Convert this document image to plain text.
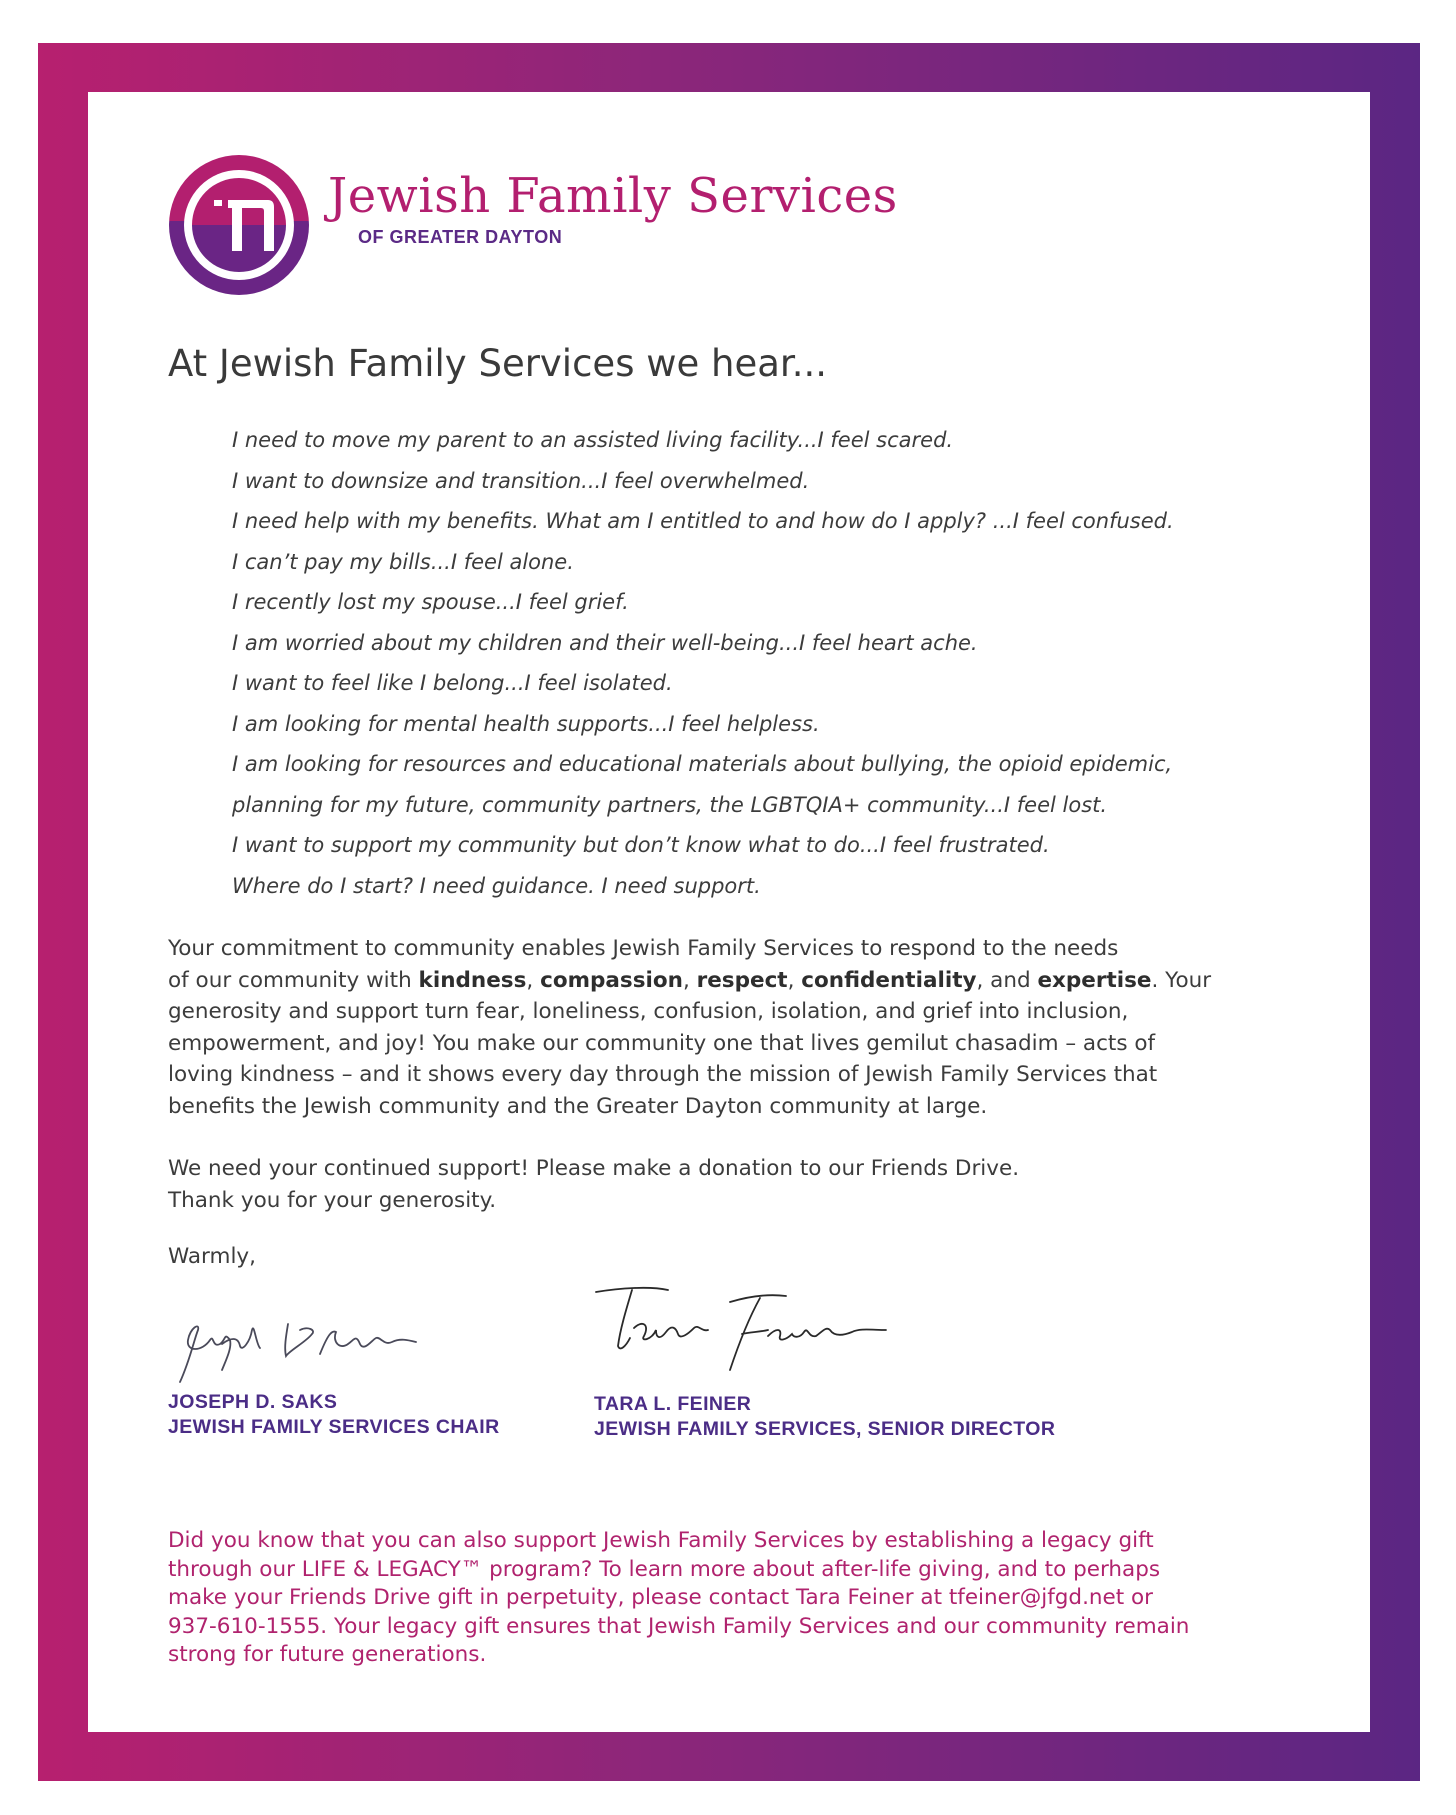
Jewish Family Services
OF GREATER DAYTON
At Jewish Family Services we hear...
I need to move my parent to an assisted living facility...I feel scared.
I want to downsize and transition...I feel overwhelmed.
I need help with my benefits. What am I entitled to and how do I apply? ...I feel confused.
I can’t pay my bills...I feel alone.
I recently lost my spouse...I feel grief.
I am worried about my children and their well-being...I feel heart ache.
I want to feel like I belong...I feel isolated.
I am looking for mental health supports...I feel helpless.
I am looking for resources and educational materials about bullying, the opioid epidemic,
planning for my future, community partners, the LGBTQIA+ community...I feel lost.
I want to support my community but don’t know what to do...I feel frustrated.
Where do I start? I need guidance. I need support.
Your commitment to community enables Jewish Family Services to respond to the needs
of our community with kindness, compassion, respect, confidentiality, and expertise. Your
generosity and support turn fear, loneliness, confusion, isolation, and grief into inclusion,
empowerment, and joy! You make our community one that lives gemilut chasadim – acts of
loving kindness – and it shows every day through the mission of Jewish Family Services that
benefits the Jewish community and the Greater Dayton community at large.
We need your continued support! Please make a donation to our Friends Drive.
Thank you for your generosity.
Warmly,
JOSEPH D. SAKS
JEWISH FAMILY SERVICES CHAIR
TARA L. FEINER
JEWISH FAMILY SERVICES, SENIOR DIRECTOR
Did you know that you can also support Jewish Family Services by establishing a legacy gift
through our LIFE & LEGACY™ program? To learn more about after-life giving, and to perhaps
make your Friends Drive gift in perpetuity, please contact Tara Feiner at tfeiner@jfgd.net or
937-610-1555. Your legacy gift ensures that Jewish Family Services and our community remain
strong for future generations.
